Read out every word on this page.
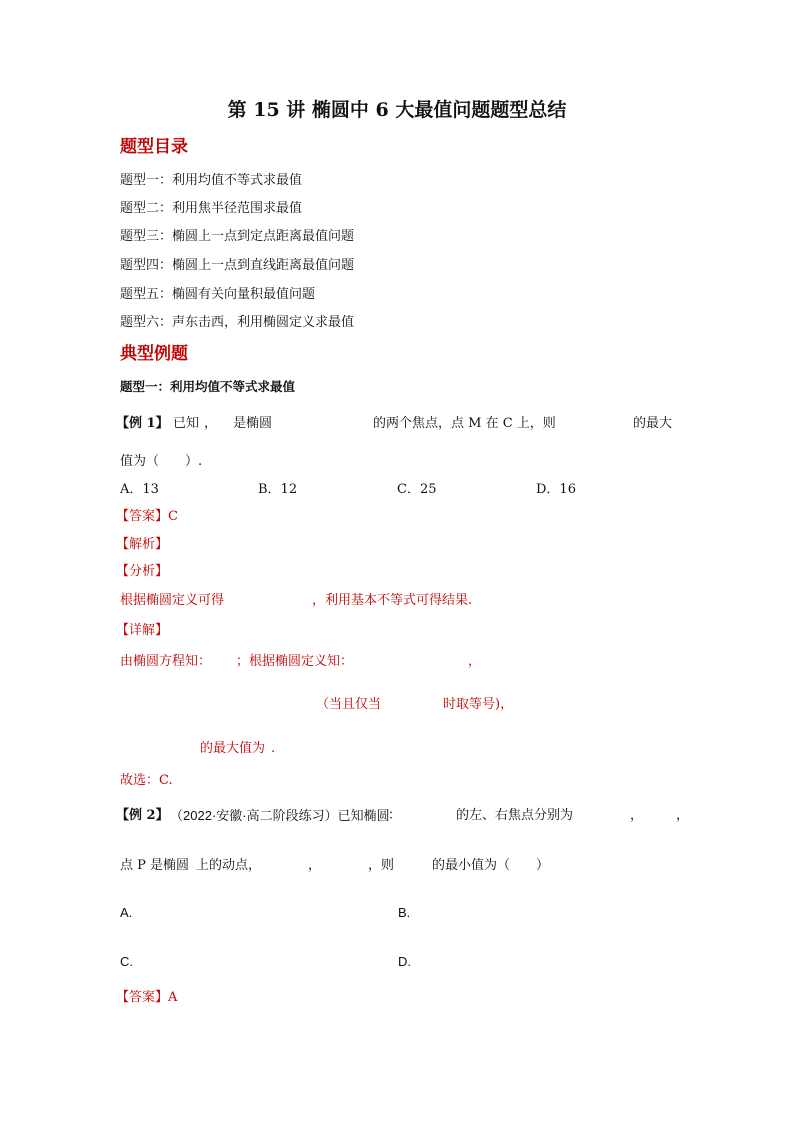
第 15 讲 椭圆中 6 大最值问题题型总结
题型目录
题型一：利用均值不等式求最值
题型二：利用焦半径范围求最值
题型三：椭圆上一点到定点距离最值问题
题型四：椭圆上一点到直线距离最值问题
题型五：椭圆有关向量积最值问题
题型六：声东击西，利用椭圆定义求最值
典型例题
题型一：利用均值不等式求最值
【例 1】 已知 ， 是椭圆	的两个焦点，点 M 在 C 上，则	的最大
值为（　　）.
A．13	B．12	C．25	D．16
【答案】C
【解析】
【分析】
根据椭圆定义可得	，利用基本不等式可得结果.
【详解】
由椭圆方程知： ；根据椭圆定义知：	，
（当且仅当	时取等号)，
的最大值为 .
故选：C.
【例 2】 （2022·安徽·高二阶段练习）已知椭圆
：	的左、右焦点分别为	，	，
点 P 是椭圆 上的动点，	，	，则	的最小值为（　　）
A.	B.
C.	D.
【答案】A
